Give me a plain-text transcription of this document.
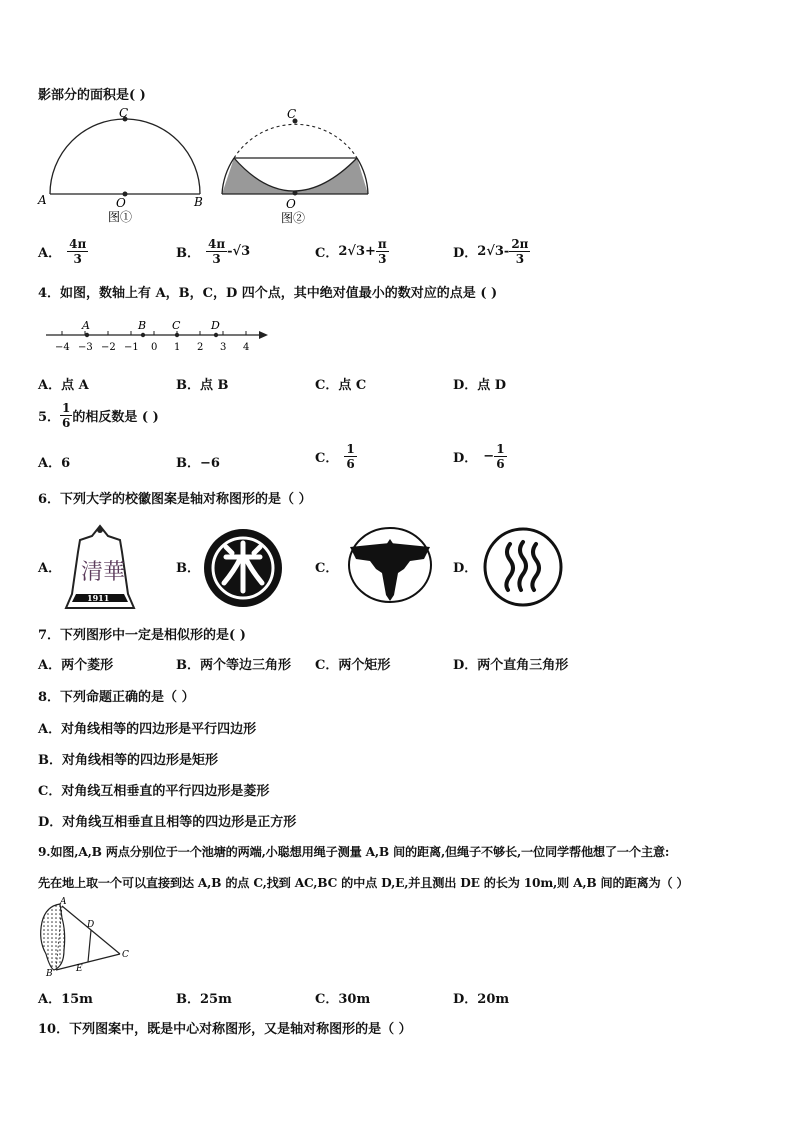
影部分的面积是( )
C
A	B
O
图①
C
O
图②
A． $\frac{4\pi}{3}$	B． $\frac{4\pi}{3} -√3$	C．$2√3+ \frac{\pi}{3}$	D．$2√3- \frac{2\pi}{3}$
4．如图，数轴上有 A，B，C，D 四个点，其中绝对值最小的数对应的点是 ( )
A	B C	D
−4 −3 −2 −1 0 1 2 3 4
A．点 A	B．点 B	C．点 C	D．点 D
5． $\frac{1}{6}$ 的相反数是 ( )
A．6	B．−6	C． $\frac{1}{6}$	D． − $\frac{1}{6}$
6．下列大学的校徽图案是轴对称图形的是（ ）
A． 清華
1911
B．	C．	D．
7．下列图形中一定是相似形的是( )
A．两个菱形	B．两个等边三角形 C．两个矩形	D．两个直角三角形
8．下列命题正确的是（ ）
A．对角线相等的四边形是平行四边形
B．对角线相等的四边形是矩形
C．对角线互相垂直的平行四边形是菱形
D．对角线互相垂直且相等的四边形是正方形
9.如图,A,B 两点分别位于一个池塘的两端,小聪想用绳子测量 A,B 间的距离,但绳子不够长,一位同学帮他想了一个主意:
先在地上取一个可以直接到达 A,B 的点 C,找到 AC,BC 的中点 D,E,并且测出 DE 的长为 10m,则 A,B 间的距离为（ ）
A
B
C
D
E
A．15m	B．25m	C．30m	D．20m
10．下列图案中，既是中心对称图形，又是轴对称图形的是（ ）
